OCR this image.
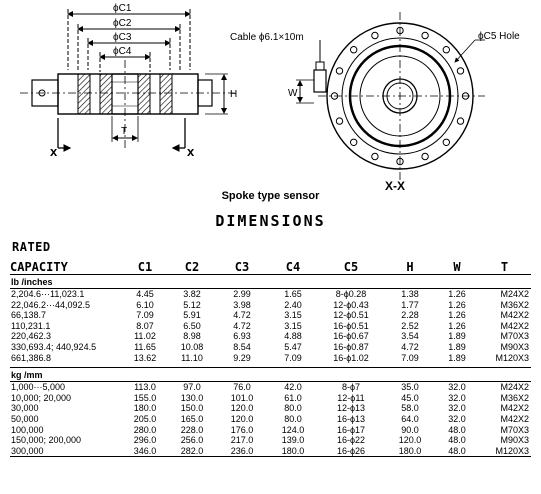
ϕC1
ϕC2
ϕC3
ϕC4
H
T
x	x
Cable ϕ6.1×10m
W
ϕC5 Hole
X-X
Spoke type sensor
DIMENSIONS
RATED
CAPACITY	C1	C2	C3	C4	C5	H	W	T
lb /inches								
2,204.6···11,023.1	4.45	3.82	2.99	1.65	8-ϕ0.28	1.38	1.26	M24X2
22,046.2···44,092.5	6.10	5.12	3.98	2.40	12-ϕ0.43	1.77	1.26	M36X2
66,138.7	7.09	5.91	4.72	3.15	12-ϕ0.51	2.28	1.26	M42X2
110,231.1	8.07	6.50	4.72	3.15	16-ϕ0.51	2.52	1.26	M42X2
220,462.3	11.02	8.98	6.93	4.88	16-ϕ0.67	3.54	1.89	M70X3
330,693.4; 440,924.5	11.65	10.08	8.54	5.47	16-ϕ0.87	4.72	1.89	M90X3
661,386.8	13.62	11.10	9.29	7.09	16-ϕ1.02	7.09	1.89	M120X3

kg /mm								
1,000···5,000	113.0	97.0	76.0	42.0	8-ϕ7	35.0	32.0	M24X2
10,000; 20,000	155.0	130.0	101.0	61.0	12-ϕ11	45.0	32.0	M36X2
30,000	180.0	150.0	120.0	80.0	12-ϕ13	58.0	32.0	M42X2
50,000	205.0	165.0	120.0	80.0	16-ϕ13	64.0	32.0	M42X2
100,000	280.0	228.0	176.0	124.0	16-ϕ17	90.0	48.0	M70X3
150,000; 200,000	296.0	256.0	217.0	139.0	16-ϕ22	120.0	48.0	M90X3
300,000	346.0	282.0	236.0	180.0	16-ϕ26	180.0	48.0	M120X3
